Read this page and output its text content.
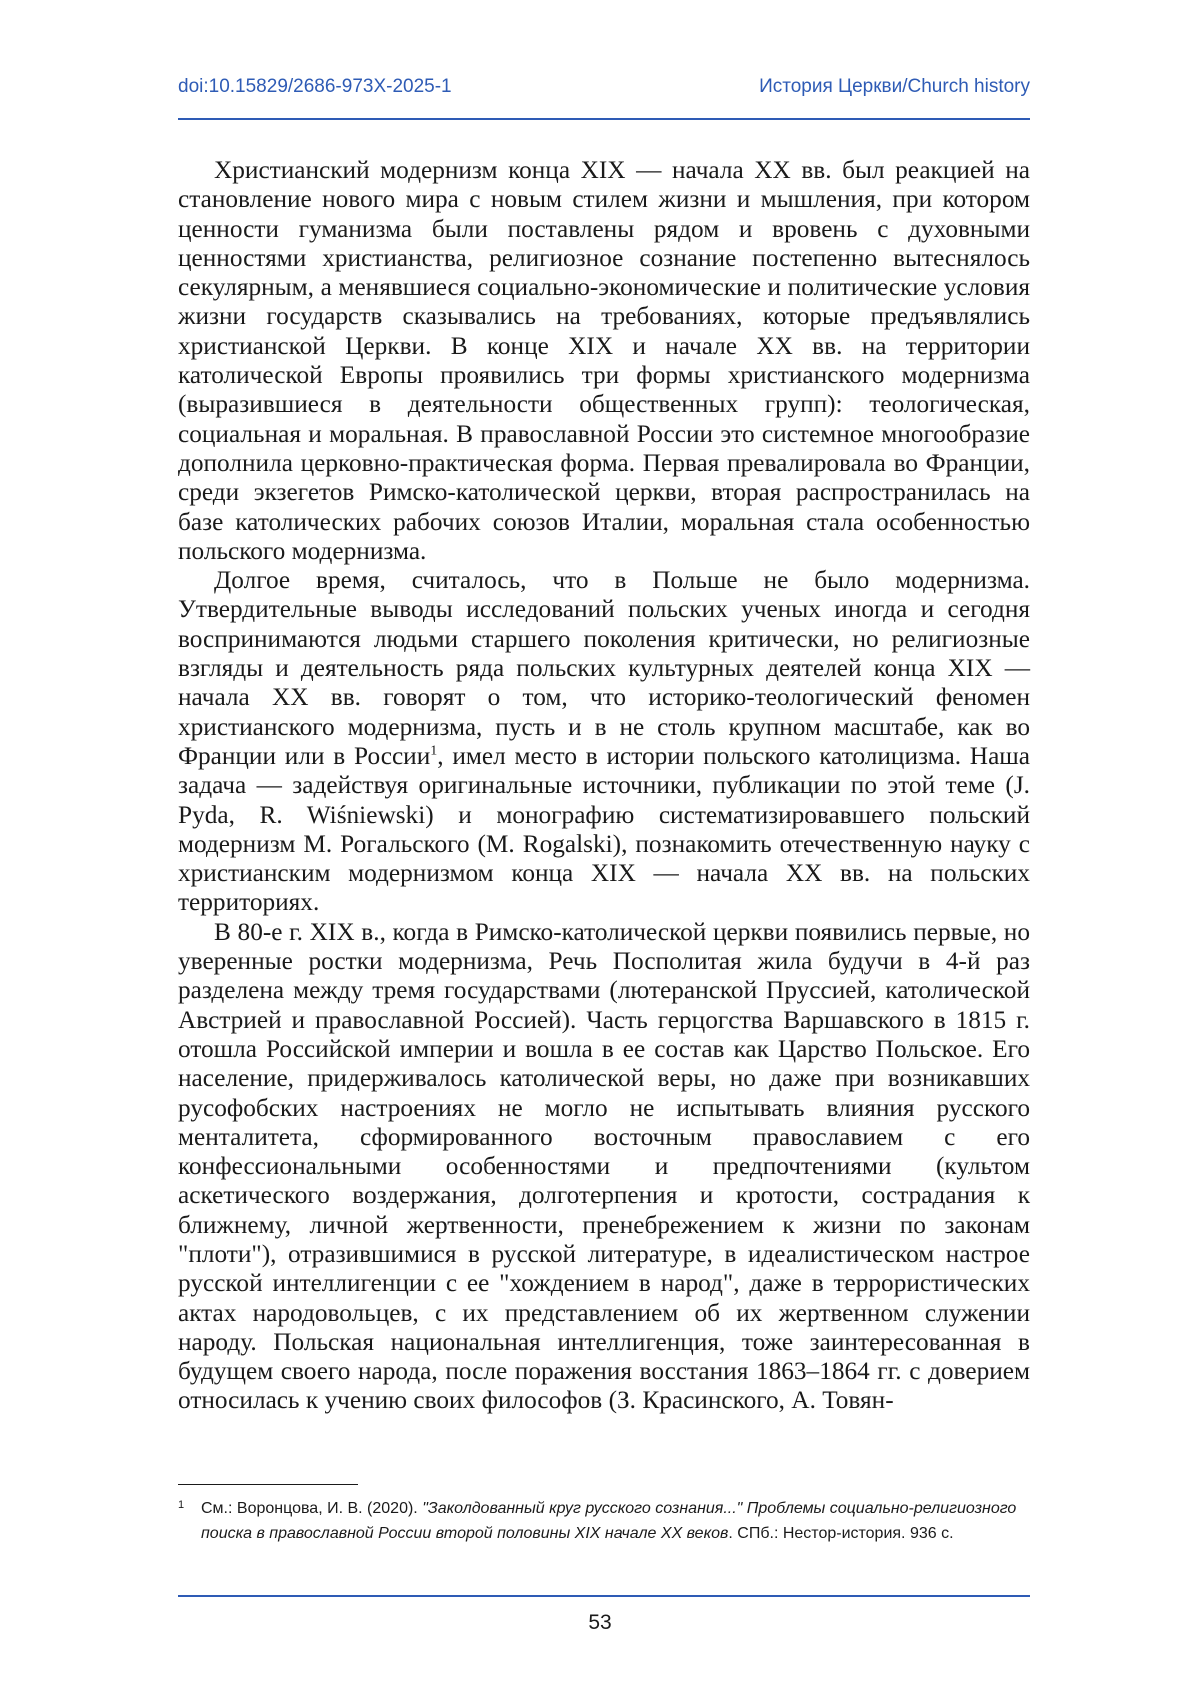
doi:10.15829/2686-973X-2025-1	История Церкви/Church history

Христианский модернизм конца XIX — начала XX вв. был реакцией на становление нового мира с новым стилем жизни и мышления, при котором ценности гуманизма были поставлены рядом и вровень с духовными ценностями христианства, религиозное сознание постепенно вытеснялось секулярным, а менявшиеся социально-экономические и политические условия жизни государств сказывались на требованиях, которые предъявлялись христианской Церкви. В конце XIX и начале XX вв. на территории католической Европы проявились три формы христианского модернизма (выразившиеся в деятельности общественных групп): теологическая, социальная и моральная. В православной России это системное многообразие дополнила церковно-практическая форма. Первая превалировала во Франции, среди экзегетов Римско-католической церкви, вторая распространилась на базе католических рабочих союзов Италии, моральная стала особенностью польского модернизма.

Долгое время, считалось, что в Польше не было модернизма. Утвердительные выводы исследований польских ученых иногда и сегодня воспринимаются людьми старшего поколения критически, но религиозные взгляды и деятельность ряда польских культурных деятелей конца XIX — начала XX вв. говорят о том, что историко-теологический феномен христианского модернизма, пусть и в не столь крупном масштабе, как во Франции или в России$^1$, имел место в истории польского католицизма. Наша задача — задействуя оригинальные источники, публикации по этой теме (J. Pyda, R. Wiśniewski) и монографию систематизировавшего польский модернизм М. Рогальского (M. Rogalski), познакомить отечественную науку с христианским модернизмом конца XIX — начала XX вв. на польских территориях.

В 80-е г. XIX в., когда в Римско-католической церкви появились первые, но уверенные ростки модернизма, Речь Посполитая жила будучи в 4-й раз разделена между тремя государствами (лютеранской Пруссией, католической Австрией и православной Россией). Часть герцогства Варшавского в 1815 г. отошла Российской империи и вошла в ее состав как Царство Польское. Его население, придерживалось католической веры, но даже при возникавших русофобских настроениях не могло не испытывать влияния русского менталитета, сформированного восточным православием с его конфессиональными особенностями и предпочтениями (культом аскетического воздержания, долготерпения и кротости, сострадания к ближнему, личной жертвенности, пренебрежением к жизни по законам "плоти"), отразившимися в русской литературе, в идеалистическом настрое русской интеллигенции с ее "хождением в народ", даже в террористических актах народовольцев, с их представлением об их жертвенном служении народу. Польская национальная интеллигенция, тоже заинтересованная в будущем своего народа, после поражения восстания 1863–1864 гг. с доверием относилась к учению своих философов (З. Красинского, А. Товян-

1 См.: Воронцова, И. В. (2020). "Заколдованный круг русского сознания..." Проблемы социально-религиозного поиска в православной России второй половины XIX начале XX веков. СПб.: Нестор-история. 936 с.
53
